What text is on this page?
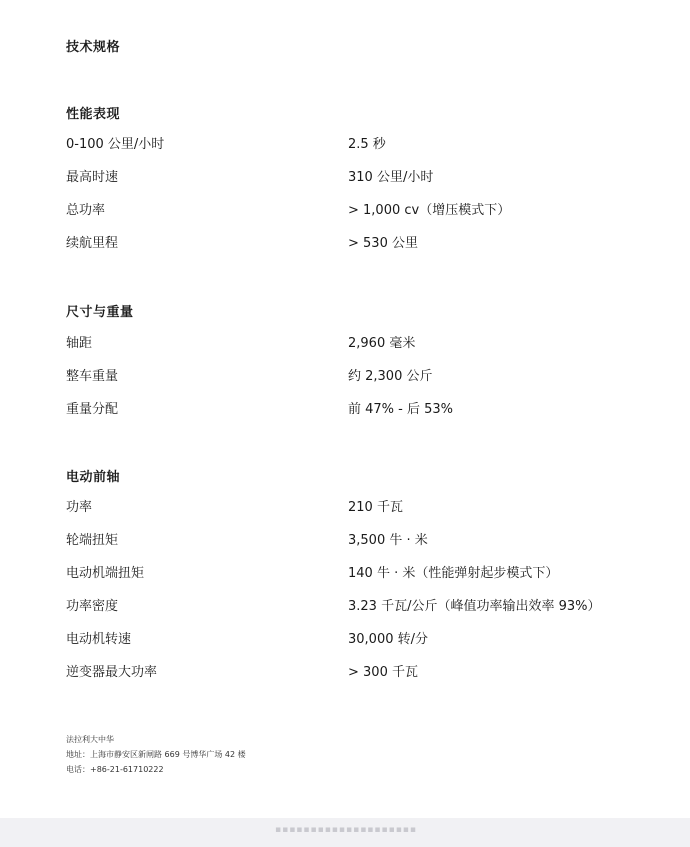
技术规格
性能表现
0-100 公里/小时	2.5 秒
最高时速	310 公里/小时
总功率	> 1,000 cv（增压模式下）
续航里程	> 530 公里
尺寸与重量
轴距	2,960 毫米
整车重量	约 2,300 公斤
重量分配	前 47% - 后 53%
电动前轴
功率	210 千瓦
轮端扭矩	3,500 牛 · 米
电动机端扭矩	140 牛 · 米（性能弹射起步模式下）
功率密度	3.23 千瓦/公斤（峰值功率输出效率 93%）
电动机转速	30,000 转/分
逆变器最大功率	> 300 千瓦
法拉利大中华
地址：上海市静安区新闸路 669 号博华广场 42 楼
电话：+86-21-61710222
▪▪▪▪▪▪▪▪▪▪▪▪▪▪▪▪▪▪▪▪
